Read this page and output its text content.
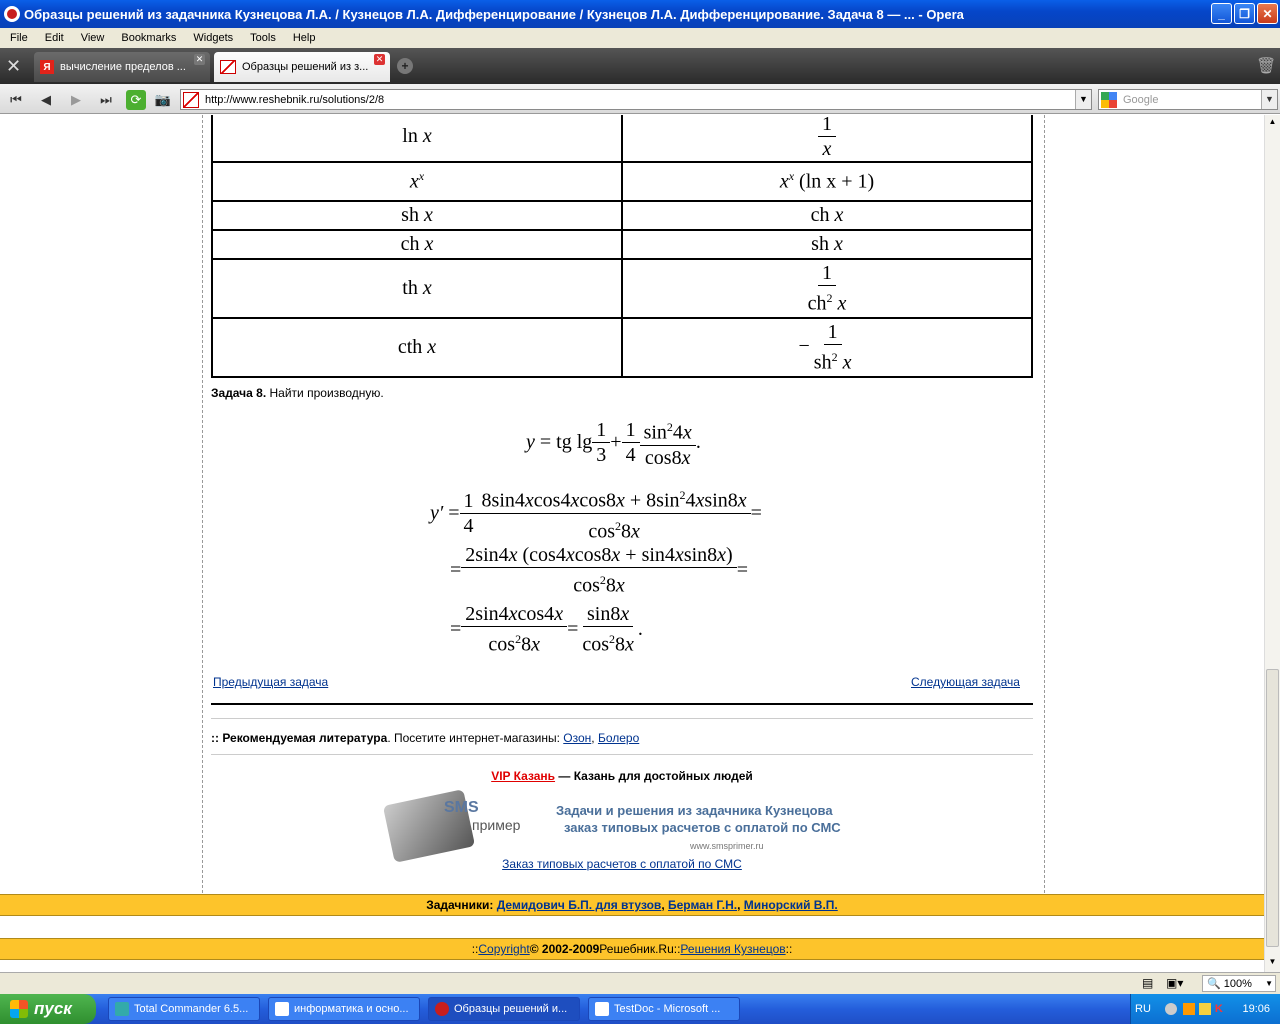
Образцы решений из задачника Кузнецова Л.А. / Кузнецов Л.А. Дифференцирование / Кузнецов Л.А. Дифференцирование. Задача 8 — ... - Opera	_	❐	✕
File	Edit	View	Bookmarks	Widgets	Tools	Help
✕	Я вычисление пределов ...
✕
Образцы решений из з...
✕	+	🗑
⏮	◀	▶	⏭	⟳	📷	http://www.reshebnik.ru/solutions/2/8	▼	Google	▼
ln x	$\frac{1}{x}$

$x^x$	$x^x$ (ln x + 1)
sh x	ch x
ch x	sh x
th x	$\frac{1}{ch^2 x}$

cth x	− $\frac{1}{sh^2 x}$
Задача 8. Найти производную.
y = tg lg
1
3
+
1
4
$\sin^24x$
cos8x
.
y′ =
1
4
$8\sin 4xcos4xcos8x + 8\sin^24xsin8x$
$\cos^28x$
=
=
2sin4x (cos4xcos8x + sin4xsin8x)
$\cos^28x$
=
=
2sin4xcos4x
$\cos^28x$
=
sin8x
$\cos^28x$
.
Предыдущая задача	Следующая задача
:: Рекомендуемая литература. Посетите интернет-магазины: Озон, Болеро
VIP Казань — Казань для достойных людей
SMS
пример
Задачи и решения из задачника Кузнецова
заказ типовых расчетов с оплатой по СМС
www.smsprimer.ru
Заказ типовых расчетов с оплатой по СМС
Задачники:
Демидович Б.П. для втузов, Берман Г.Н., Минорский В.П.
:: Copyright © 2002-2009 Решебник.Ru :: Решения Кузнецов ::
▲
▼
▤ ▣▾ 🔍
100% ▼
пуск	Total Commander 6.5...	информатика и осно...	Образцы решений и...	TestDoc - Microsoft ...	RU	K 19:06
